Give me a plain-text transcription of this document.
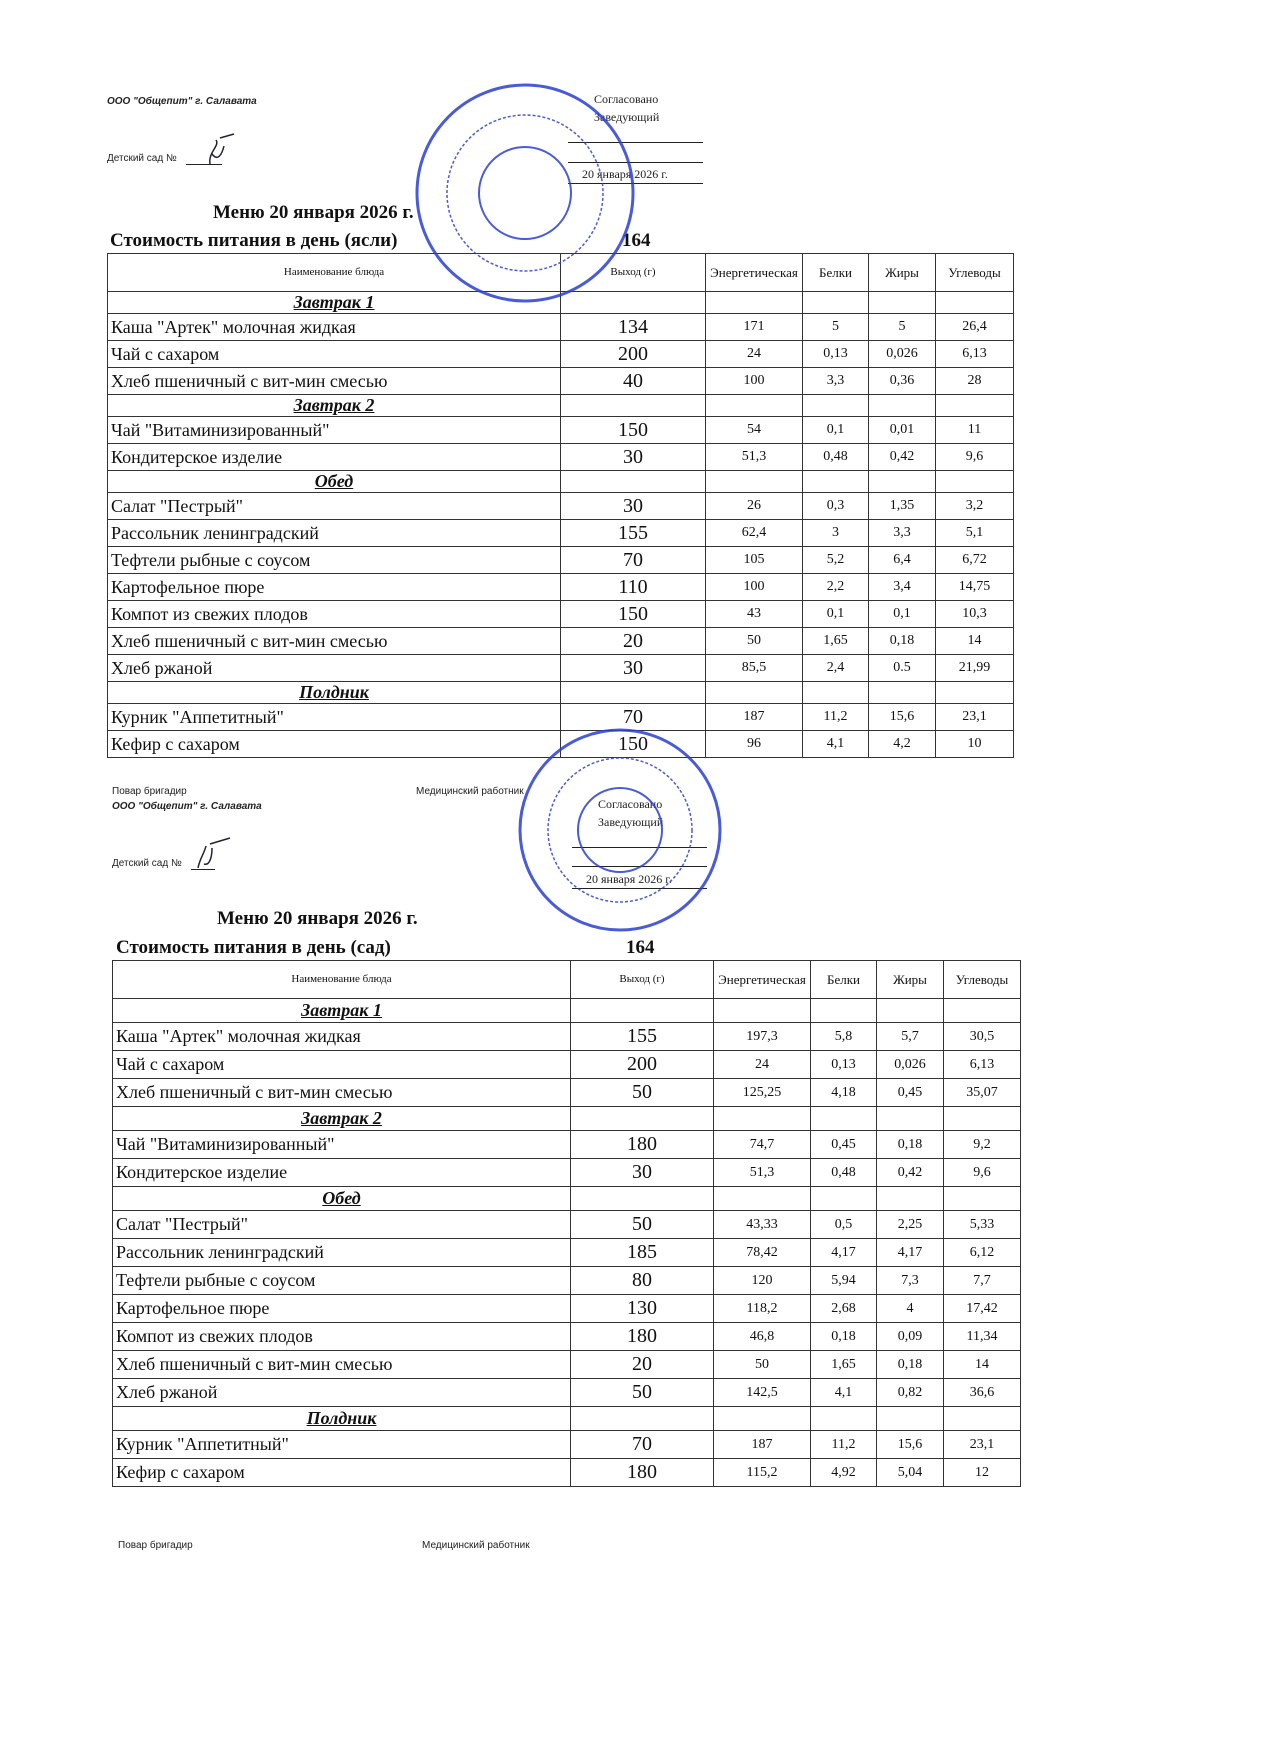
ООО "Общепит" г. Салавата
Детский сад №
Согласовано
Заведующий
20 января 2026 г.
Меню 20 января 2026 г.
Стоимость питания в день (ясли)	164
Наименование блюда	Выход (г)	Энергетическая	Белки	Жиры	Углеводы
Завтрак 1					
Каша "Артек" молочная жидкая	134	171	5	5	26,4
Чай с сахаром	200	24	0,13	0,026	6,13
Хлеб пшеничный с вит-мин смесью	40	100	3,3	0,36	28
Завтрак 2					
Чай "Витаминизированный"	150	54	0,1	0,01	11
Кондитерское изделие	30	51,3	0,48	0,42	9,6
Обед					
Салат "Пестрый"	30	26	0,3	1,35	3,2
Рассольник ленинградский	155	62,4	3	3,3	5,1
Тефтели рыбные с соусом	70	105	5,2	6,4	6,72
Картофельное пюре	110	100	2,2	3,4	14,75
Компот из свежих плодов	150	43	0,1	0,1	10,3
Хлеб пшеничный с вит-мин смесью	20	50	1,65	0,18	14
Хлеб ржаной	30	85,5	2,4	0.5	21,99
Полдник					
Курник "Аппетитный"	70	187	11,2	15,6	23,1
Кефир с сахаром	150	96	4,1	4,2	10
Повар бригадир	Медицинский работник
ООО "Общепит" г. Салавата
Детский сад №
Согласовано
Заведующий
20 января 2026 г.
Меню 20 января 2026 г.
Стоимость питания в день (сад)	164
Наименование блюда	Выход (г)	Энергетическая	Белки	Жиры	Углеводы
Завтрак 1					
Каша "Артек" молочная жидкая	155	197,3	5,8	5,7	30,5
Чай с сахаром	200	24	0,13	0,026	6,13
Хлеб пшеничный с вит-мин смесью	50	125,25	4,18	0,45	35,07
Завтрак 2					
Чай "Витаминизированный"	180	74,7	0,45	0,18	9,2
Кондитерское изделие	30	51,3	0,48	0,42	9,6
Обед					
Салат "Пестрый"	50	43,33	0,5	2,25	5,33
Рассольник ленинградский	185	78,42	4,17	4,17	6,12
Тефтели рыбные с соусом	80	120	5,94	7,3	7,7
Картофельное пюре	130	118,2	2,68	4	17,42
Компот из свежих плодов	180	46,8	0,18	0,09	11,34
Хлеб пшеничный с вит-мин смесью	20	50	1,65	0,18	14
Хлеб ржаной	50	142,5	4,1	0,82	36,6
Полдник					
Курник "Аппетитный"	70	187	11,2	15,6	23,1
Кефир с сахаром	180	115,2	4,92	5,04	12
Повар бригадир	Медицинский работник
